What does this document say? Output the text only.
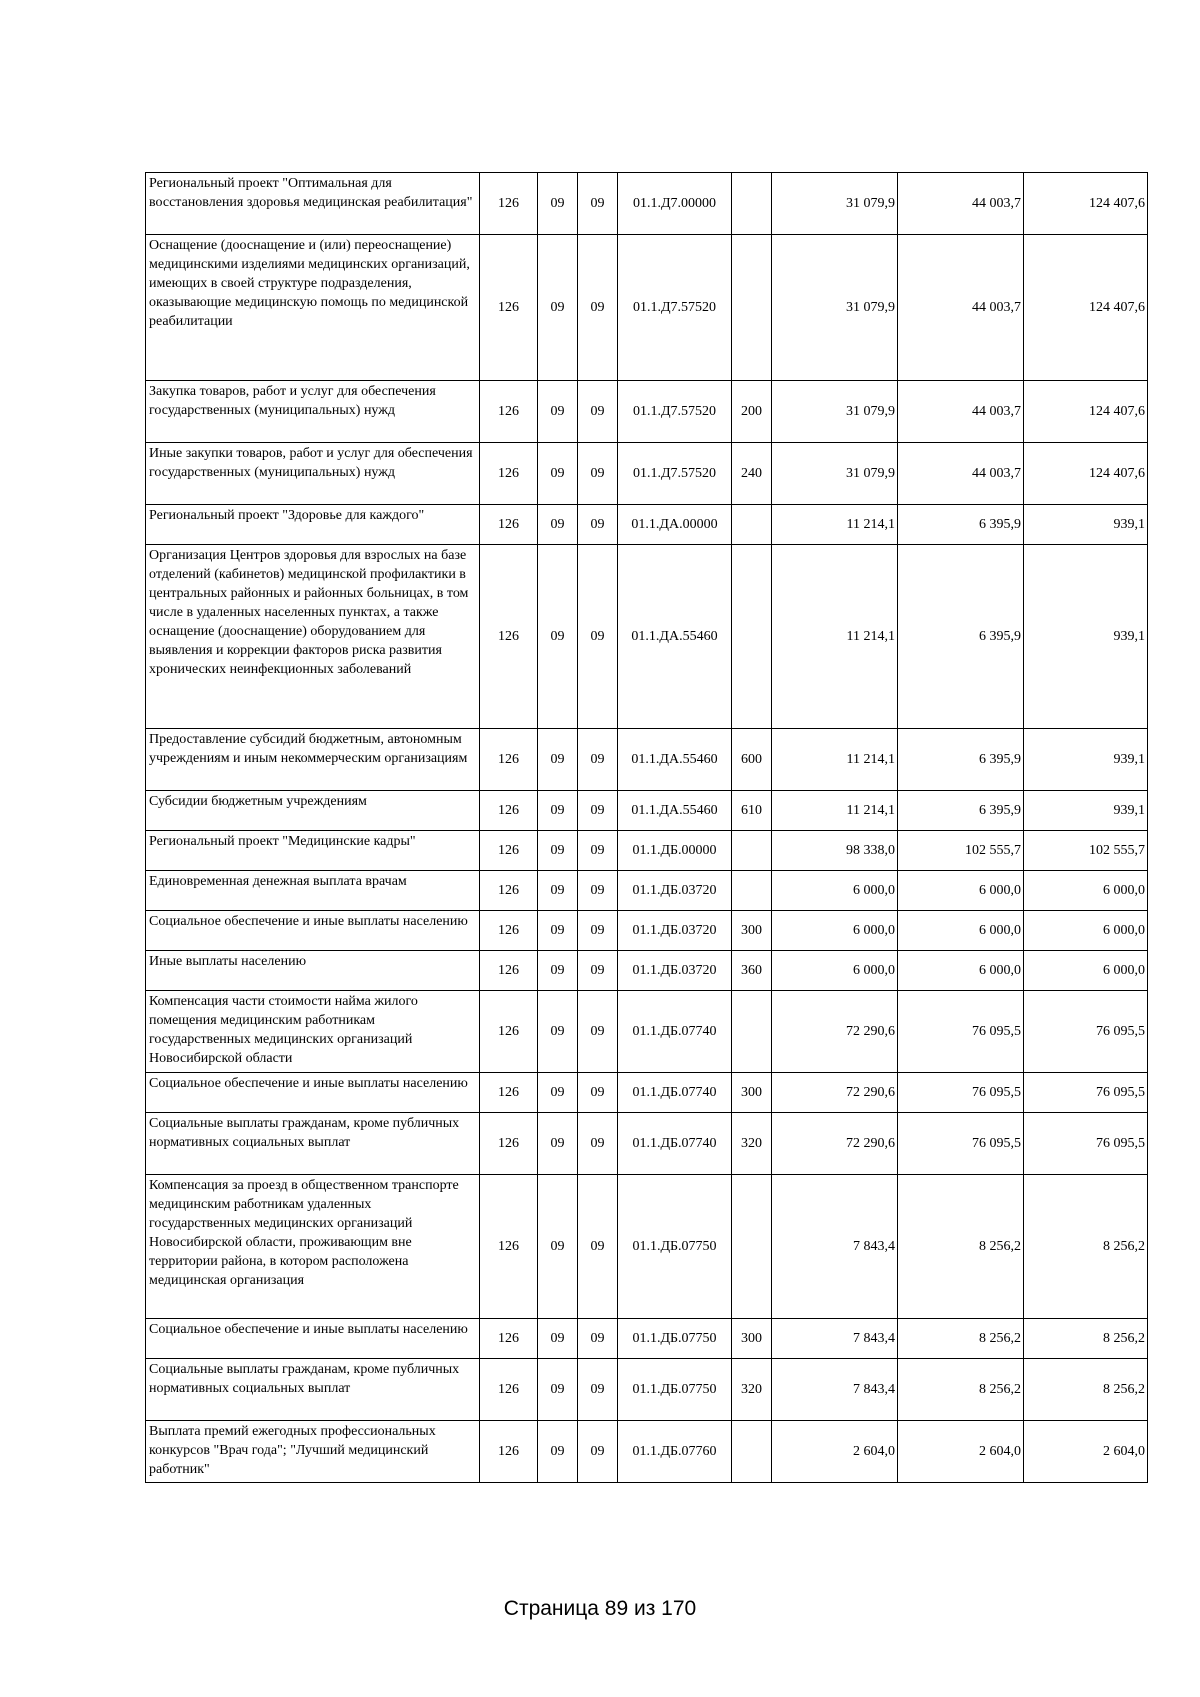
Региональный проект "Оптимальная для восстановления здоровья медицинская реабилитация"	126	09	09	01.1.Д7.00000		31 079,9	44 003,7	124 407,6
Оснащение (дооснащение и (или) переоснащение) медицинскими изделиями медицинских организаций, имеющих в своей структуре подразделения, оказывающие медицинскую помощь по медицинской реабилитации	126	09	09	01.1.Д7.57520		31 079,9	44 003,7	124 407,6
Закупка товаров, работ и услуг для обеспечения государственных (муниципальных) нужд	126	09	09	01.1.Д7.57520	200	31 079,9	44 003,7	124 407,6
Иные закупки товаров, работ и услуг для обеспечения государственных (муниципальных) нужд	126	09	09	01.1.Д7.57520	240	31 079,9	44 003,7	124 407,6
Региональный проект "Здоровье для каждого"	126	09	09	01.1.ДА.00000		11 214,1	6 395,9	939,1
Организация Центров здоровья для взрослых на базе отделений (кабинетов) медицинской профилактики в центральных районных и районных больницах, в том числе в удаленных населенных пунктах, а также оснащение (дооснащение) оборудованием для выявления и коррекции факторов риска развития хронических неинфекционных заболеваний	126	09	09	01.1.ДА.55460		11 214,1	6 395,9	939,1
Предоставление субсидий бюджетным, автономным учреждениям и иным некоммерческим организациям	126	09	09	01.1.ДА.55460	600	11 214,1	6 395,9	939,1
Субсидии бюджетным учреждениям	126	09	09	01.1.ДА.55460	610	11 214,1	6 395,9	939,1
Региональный проект "Медицинские кадры"	126	09	09	01.1.ДБ.00000		98 338,0	102 555,7	102 555,7
Единовременная денежная выплата врачам	126	09	09	01.1.ДБ.03720		6 000,0	6 000,0	6 000,0
Социальное обеспечение и иные выплаты населению	126	09	09	01.1.ДБ.03720	300	6 000,0	6 000,0	6 000,0
Иные выплаты населению	126	09	09	01.1.ДБ.03720	360	6 000,0	6 000,0	6 000,0
Компенсация части стоимости найма жилого помещения медицинским работникам государственных медицинских организаций Новосибирской области	126	09	09	01.1.ДБ.07740		72 290,6	76 095,5	76 095,5
Социальное обеспечение и иные выплаты населению	126	09	09	01.1.ДБ.07740	300	72 290,6	76 095,5	76 095,5
Социальные выплаты гражданам, кроме публичных нормативных социальных выплат	126	09	09	01.1.ДБ.07740	320	72 290,6	76 095,5	76 095,5
Компенсация за проезд в общественном транспорте медицинским работникам удаленных государственных медицинских организаций Новосибирской области, проживающим вне территории района, в котором расположена медицинская организация	126	09	09	01.1.ДБ.07750		7 843,4	8 256,2	8 256,2
Социальное обеспечение и иные выплаты населению	126	09	09	01.1.ДБ.07750	300	7 843,4	8 256,2	8 256,2
Социальные выплаты гражданам, кроме публичных нормативных социальных выплат	126	09	09	01.1.ДБ.07750	320	7 843,4	8 256,2	8 256,2
Выплата премий ежегодных профессиональных конкурсов "Врач года"; "Лучший медицинский работник"	126	09	09	01.1.ДБ.07760		2 604,0	2 604,0	2 604,0
Страница 89 из 170
